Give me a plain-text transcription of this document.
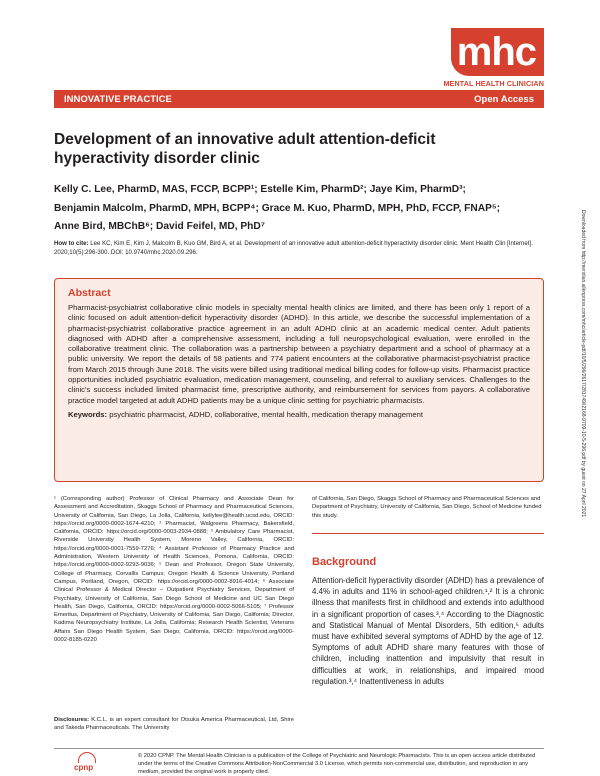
mhc
MENTAL HEALTH CLINICIAN
INNOVATIVE PRACTICE	Open Access
Development of an innovative adult attention-deficit hyperactivity disorder clinic
Kelly C. Lee, PharmD, MAS, FCCP, BCPP¹; Estelle Kim, PharmD²; Jaye Kim, PharmD³;
Benjamin Malcolm, PharmD, MPH, BCPP⁴; Grace M. Kuo, PharmD, MPH, PhD, FCCP, FNAP⁵;
Anne Bird, MBChB⁶; David Feifel, MD, PhD⁷
How to cite: Lee KC, Kim E, Kim J, Malcolm B, Kuo GM, Bird A, et al. Development of an innovative adult attention-deficit hyperactivity disorder clinic. Ment Health Clin [Internet]. 2020;10(5):296-300. DOI: 10.9740/mhc.2020.09.296.
Abstract

Pharmacist-psychiatrist collaborative clinic models in specialty mental health clinics are limited, and there has been only 1 report of a clinic focused on adult attention-deficit hyperactivity disorder (ADHD). In this article, we describe the successful implementation of a pharmacist-psychiatrist collaborative practice agreement in an adult ADHD clinic at an academic medical center. Adult patients diagnosed with ADHD after a comprehensive assessment, including a full neuropsychological evaluation, were enrolled in the collaborative treatment clinic. The collaboration was a partnership between a psychiatry department and a school of pharmacy at a public university. We report the details of 58 patients and 774 patient encounters at the collaborative pharmacist-psychiatrist practice from March 2015 through June 2018. The visits were billed using traditional medical billing codes for follow-up visits. Pharmacist practice opportunities included psychiatric evaluation, medication management, counseling, and referral to auxiliary services. Challenges to the clinic's success included limited pharmacist time, prescriptive authority, and reimbursement for services from payors. A collaborative practice model targeted at adult ADHD patients may be a unique clinic setting for psychiatric pharmacists.

Keywords: psychiatric pharmacist, ADHD, collaborative, mental health, medication therapy management	Downloaded from http://meridian.allenpress.com/mhc/article-pdf/10/5/296/2617/281749/i2168-9709-10-5-296.pdf by guest on 27 April 2021

¹ (Corresponding author) Professor of Clinical Pharmacy and Associate Dean for Assessment and Accreditation, Skaggs School of Pharmacy and Pharmaceutical Sciences, University of California, San Diego, La Jolla, California, kellylee@health.ucsd.edu, ORCID: https://orcid.org/0000-0002-1674-4210; ² Pharmacist, Walgreens Pharmacy, Bakersfield, California, ORCID: https://orcid.org/0000-0003-2934-0888; ³ Ambulatory Care Pharmacist, Riverside University Health System, Moreno Valley, California, ORCID: https://orcid.org/0000-0001-7559-7276; ⁴ Assistant Professor of Pharmacy Practice and Administration, Western University of Health Sciences, Pomona, California, ORCID: https://orcid.org/0000-0002-9293-9036; ⁵ Dean and Professor, Oregon State University, College of Pharmacy, Corvallis Campus; Oregon Health & Science University, Portland Campus, Portland, Oregon, ORCID: https://orcid.org/0000-0002-8916-4014; ⁶ Associate Clinical Professor & Medical Director – Outpatient Psychiatry Services, Department of Psychiatry, University of California, San Diego School of Medicine and UC San Diego Health, San Diego, California, ORCID: https://orcid.org/0000-0002-5066-5105; ⁷ Professor Emeritus, Department of Psychiatry, University of California, San Diego, California; Director, Kadima Neuropsychiatry Institute, La Jolla, California; Research Health Scientist, Veterans Affairs San Diego Health System, San Diego, California, ORCID: https://orcid.org/0000-0002-8185-0220

of California, San Diego, Skaggs School of Pharmacy and Pharmaceutical Sciences and Department of Psychiatry, University of California, San Diego, School of Medicine funded this study.

Disclosures: K.C.L. is an expert consultant for Otsuka America Pharmaceutical, Ltd, Shire and Takeda Pharmaceuticals. The University

Background

Attention-deficit hyperactivity disorder (ADHD) has a prevalence of 4.4% in adults and 11% in school-aged children.¹,² It is a chronic illness that manifests first in childhood and extends into adulthood in a significant proportion of cases.³,⁴ According to the Diagnostic and Statistical Manual of Mental Disorders, 5th edition,⁵ adults must have exhibited several symptoms of ADHD by the age of 12. Symptoms of adult ADHD share many features with those of children, including inattention and impulsivity that result in difficulties at work, in relationships, and impaired mood regulation.³,⁴ Inattentiveness in adults

cpnp

© 2020 CPNP. The Mental Health Clinician is a publication of the College of Psychiatric and Neurologic Pharmacists. This is an open access article distributed under the terms of the Creative Commons Attribution-NonCommercial 3.0 License, which permits non-commercial use, distribution, and reproduction in any medium, provided the original work is properly cited.
